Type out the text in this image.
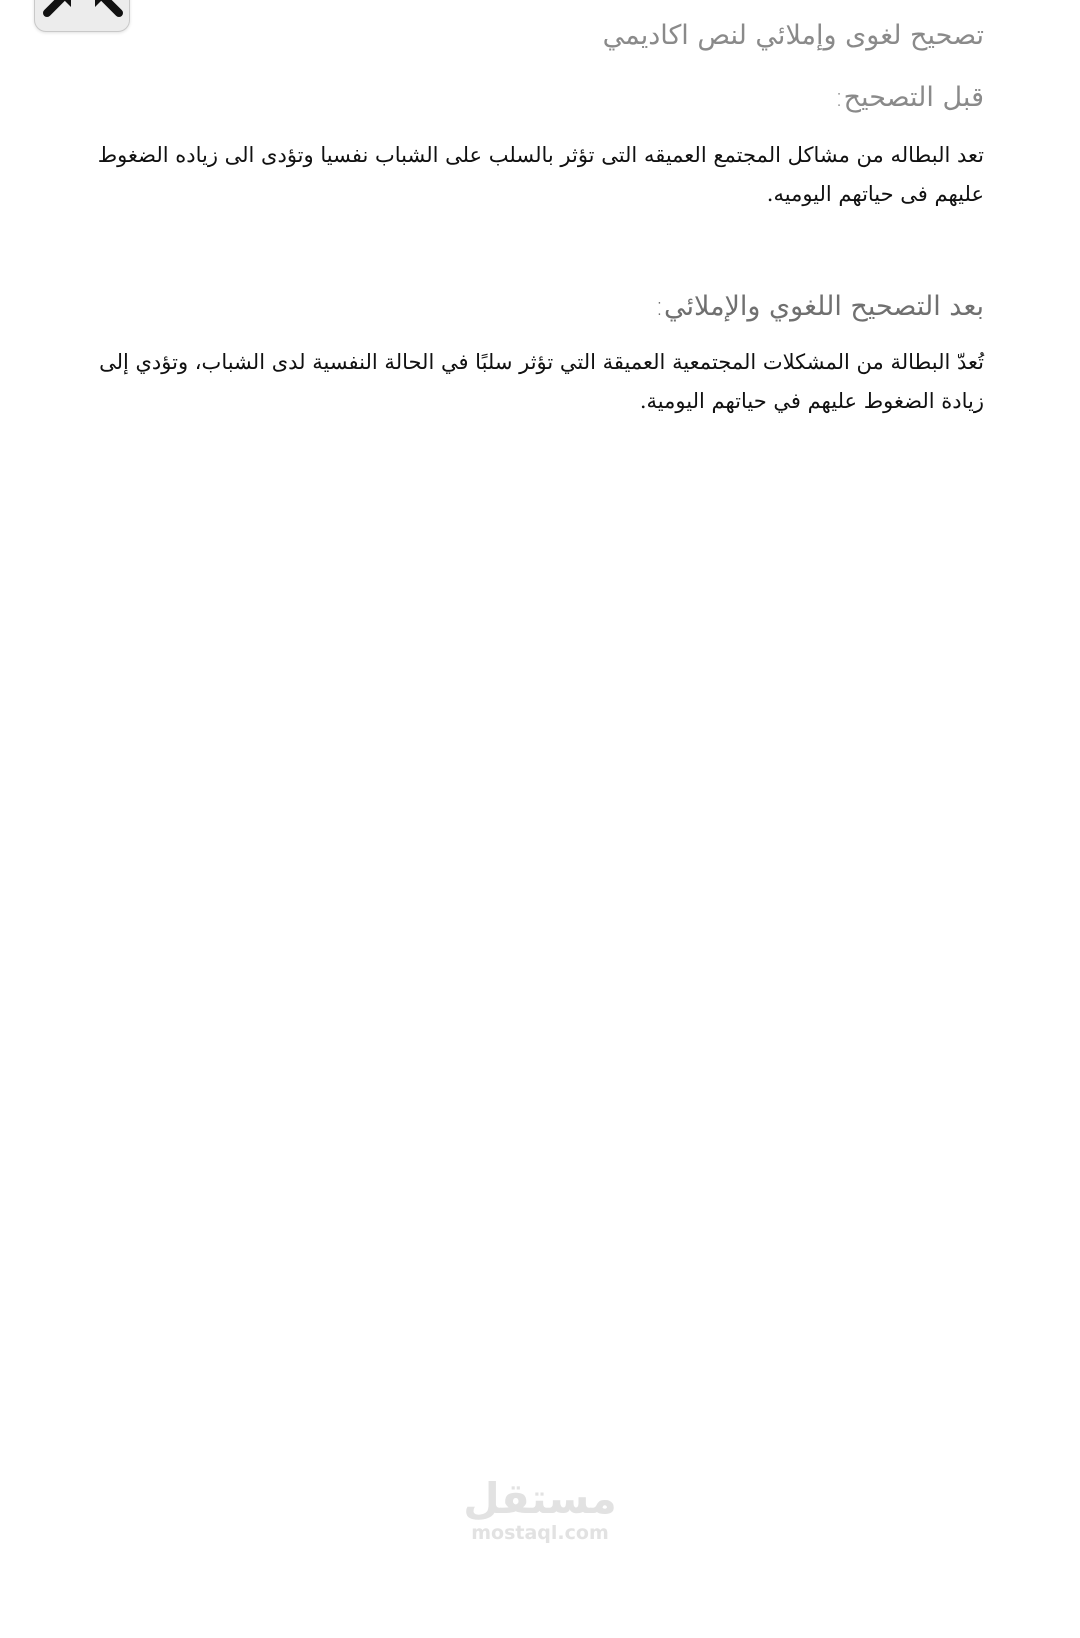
تصحيح لغوى وإملائي لنص اكاديمي
قبل التصحيح:

تعد البطاله من مشاكل المجتمع العميقه التى تؤثر بالسلب على الشباب نفسيا وتؤدى الى زياده الضغوط عليهم فى حياتهم اليوميه.

بعد التصحيح اللغوي والإملائي:

تُعدّ البطالة من المشكلات المجتمعية العميقة التي تؤثر سلبًا في الحالة النفسية لدى الشباب، وتؤدي إلى زيادة الضغوط عليهم في حياتهم اليومية.

مستقل
mostaql.com
